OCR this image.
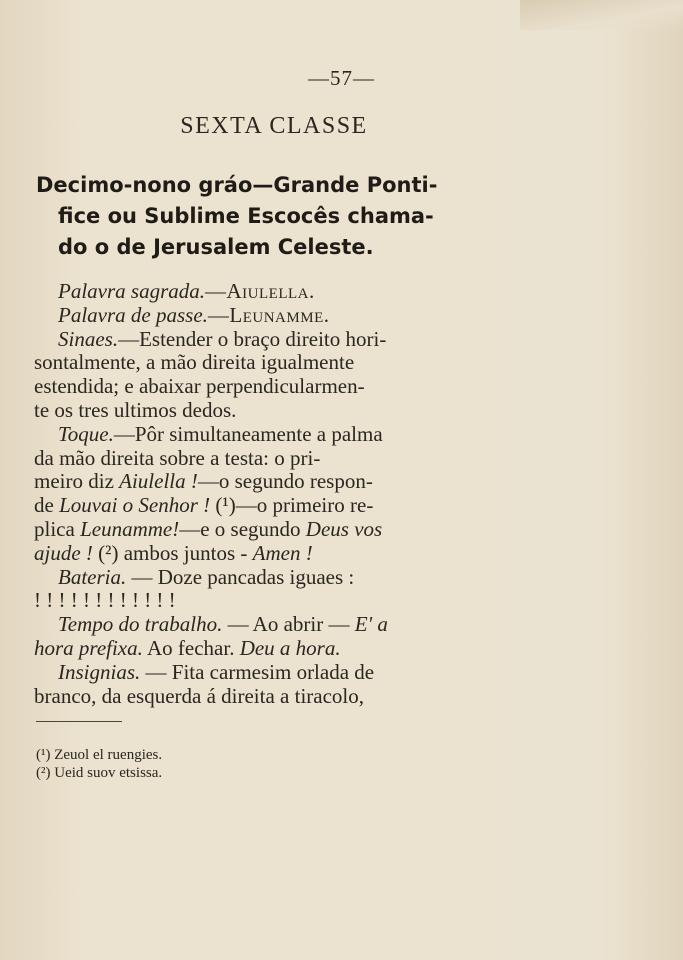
—57—
SEXTA CLASSE
Decimo-nono gráo—Grande Ponti-
fice ou Sublime Escocês chama-
do o de Jerusalem Celeste.
Palavra sagrada.—Aiulella.
Palavra de passe.—Leunamme.
Sinaes.—Estender o braço direito hori-
sontalmente, a mão direita igualmente
estendida; e abaixar perpendicularmen-
te os tres ultimos dedos.
Toque.—Pôr simultaneamente a palma
da mão direita sobre a testa: o pri-
meiro diz Aiulella !—o segundo respon-
de Louvai o Senhor ! (¹)—o primeiro re-
plica Leunamme!—e o segundo Deus vos
ajude ! (²) ambos juntos - Amen !
Bateria. — Doze pancadas iguaes :
! ! ! ! ! ! ! ! ! ! ! !
Tempo do trabalho. — Ao abrir — E' a
hora prefixa. Ao fechar. Deu a hora.
Insignias. — Fita carmesim orlada de
branco, da esquerda á direita a tiracolo,
(¹) Zeuol el ruengies.
(²) Ueid suov etsissa.
